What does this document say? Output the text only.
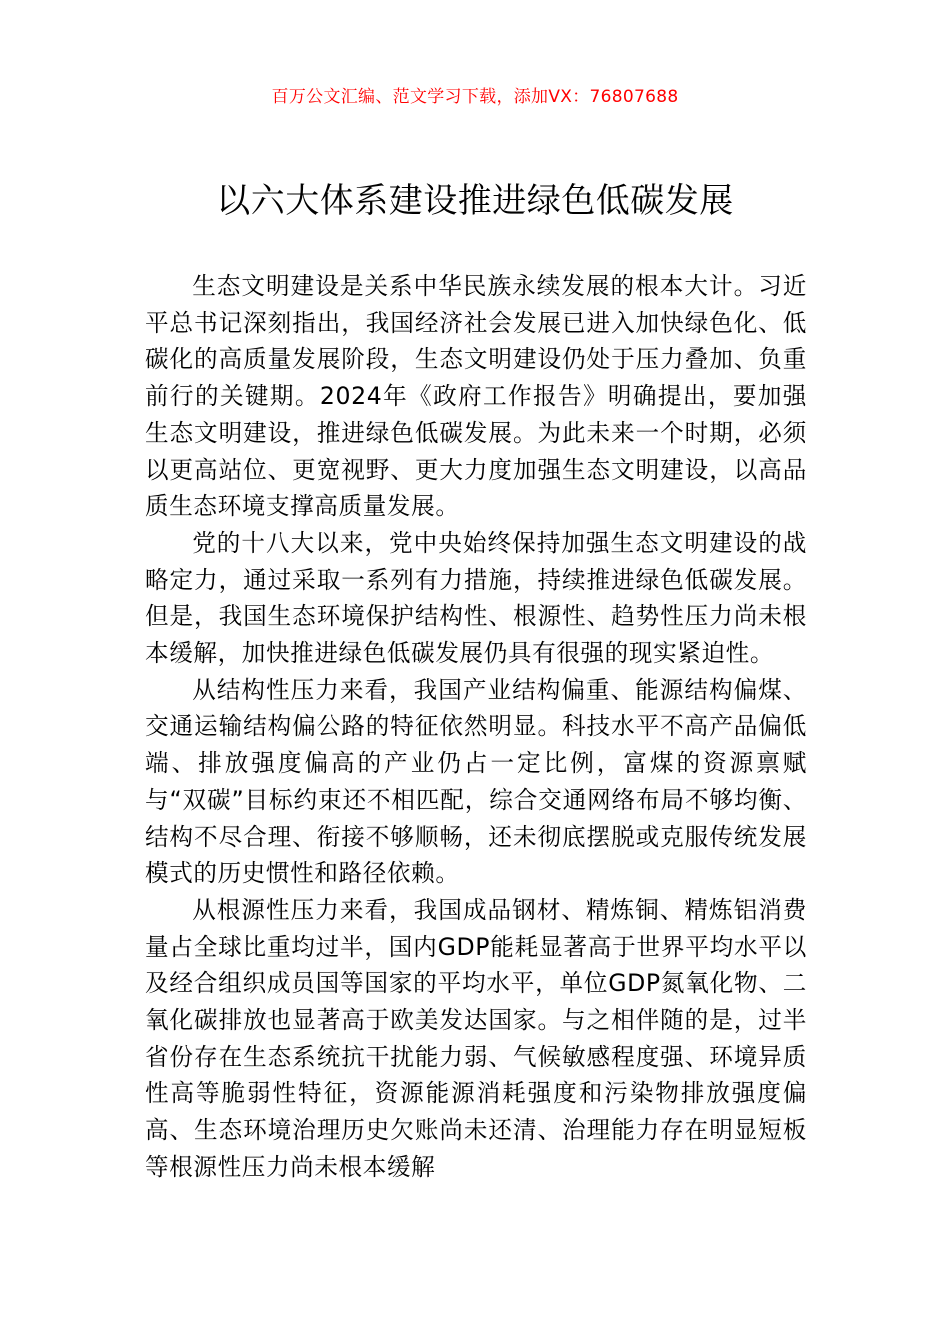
百万公文汇编、范文学习下载，添加VX：76807688
以六大体系建设推进绿色低碳发展

生态文明建设是关系中华民族永续发展的根本大计。习近平总书记深刻指出，我国经济社会发展已进入加快绿色化、低碳化的高质量发展阶段，生态文明建设仍处于压力叠加、负重前行的关键期。2024年《政府工作报告》明确提出，要加强生态文明建设，推进绿色低碳发展。为此未来一个时期，必须以更高站位、更宽视野、更大力度加强生态文明建设，以高品质生态环境支撑高质量发展。

党的十八大以来，党中央始终保持加强生态文明建设的战略定力，通过采取一系列有力措施，持续推进绿色低碳发展。但是，我国生态环境保护结构性、根源性、趋势性压力尚未根本缓解，加快推进绿色低碳发展仍具有很强的现实紧迫性。

从结构性压力来看，我国产业结构偏重、能源结构偏煤、交通运输结构偏公路的特征依然明显。科技水平不高产品偏低端、排放强度偏高的产业仍占一定比例，富煤的资源禀赋与“双碳”目标约束还不相匹配，综合交通网络布局不够均衡、结构不尽合理、衔接不够顺畅，还未彻底摆脱或克服传统发展模式的历史惯性和路径依赖。

从根源性压力来看，我国成品钢材、精炼铜、精炼铝消费量占全球比重均过半，国内GDP能耗显著高于世界平均水平以及经合组织成员国等国家的平均水平，单位GDP氮氧化物、二氧化碳排放也显著高于欧美发达国家。与之相伴随的是，过半省份存在生态系统抗干扰能力弱、气候敏感程度强、环境异质性高等脆弱性特征，资源能源消耗强度和污染物排放强度偏高、生态环境治理历史欠账尚未还清、治理能力存在明显短板等根源性压力尚未根本缓解
